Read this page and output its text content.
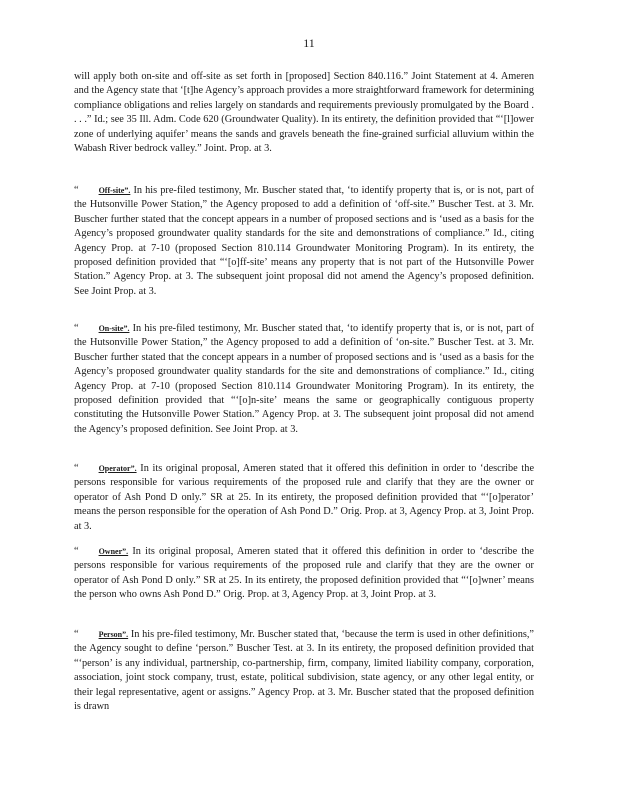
11

will apply both on-site and off-site as set forth in [proposed] Section 840.116.” Joint Statement at 4. Ameren and the Agency state that ‘[t]he Agency’s approach provides a more straightforward framework for determining compliance obligations and relies largely on standards and requirements previously promulgated by the Board . . . .” Id.; see 35 Ill. Adm. Code 620 (Groundwater Quality). In its entirety, the definition provided that “‘[l]ower zone of underlying aquifer’ means the sands and gravels beneath the fine-grained surficial alluvium within the Wabash River bedrock valley.” Joint. Prop. at 3.

“	Off-site”. In his pre-filed testimony, Mr. Buscher stated that, ‘to identify property that is, or is not, part of the Hutsonville Power Station,” the Agency proposed to add a definition of ‘off-site.” Buscher Test. at 3. Mr. Buscher further stated that the concept appears in a number of proposed sections and is ‘used as a basis for the Agency’s proposed groundwater quality standards for the site and demonstrations of compliance.” Id., citing Agency Prop. at 7-10 (proposed Section 810.114 Groundwater Monitoring Program). In its entirety, the proposed definition provided that “‘[o]ff-site’ means any property that is not part of the Hutsonville Power Station.” Agency Prop. at 3. The subsequent joint proposal did not amend the Agency’s proposed definition. See Joint Prop. at 3.

“	On-site”. In his pre-filed testimony, Mr. Buscher stated that, ‘to identify property that is, or is not, part of the Hutsonville Power Station,” the Agency proposed to add a definition of ‘on-site.” Buscher Test. at 3. Mr. Buscher further stated that the concept appears in a number of proposed sections and is ‘used as a basis for the Agency’s proposed groundwater quality standards for the site and demonstrations of compliance.” Id., citing Agency Prop. at 7-10 (proposed Section 810.114 Groundwater Monitoring Program). In its entirety, the proposed definition provided that “‘[o]n-site’ means the same or geographically contiguous property constituting the Hutsonville Power Station.” Agency Prop. at 3. The subsequent joint proposal did not amend the Agency’s proposed definition. See Joint Prop. at 3.

“	Operator”. In its original proposal, Ameren stated that it offered this definition in order to ‘describe the persons responsible for various requirements of the proposed rule and clarify that they are the owner or operator of Ash Pond D only.” SR at 25. In its entirety, the proposed definition provided that “‘[o]perator’ means the person responsible for the operation of Ash Pond D.” Orig. Prop. at 3, Agency Prop. at 3, Joint Prop. at 3.

“	Owner”. In its original proposal, Ameren stated that it offered this definition in order to ‘describe the persons responsible for various requirements of the proposed rule and clarify that they are the owner or operator of Ash Pond D only.” SR at 25. In its entirety, the proposed definition provided that “‘[o]wner’ means the person who owns Ash Pond D.” Orig. Prop. at 3, Agency Prop. at 3, Joint Prop. at 3.

“	Person”. In his pre-filed testimony, Mr. Buscher stated that, ‘because the term is used in other definitions,” the Agency sought to define ‘person.” Buscher Test. at 3. In its entirety, the proposed definition provided that “‘person’ is any individual, partnership, co-partnership, firm, company, limited liability company, corporation, association, joint stock company, trust, estate, political subdivision, state agency, or any other legal entity, or their legal representative, agent or assigns.” Agency Prop. at 3. Mr. Buscher stated that the proposed definition is drawn
